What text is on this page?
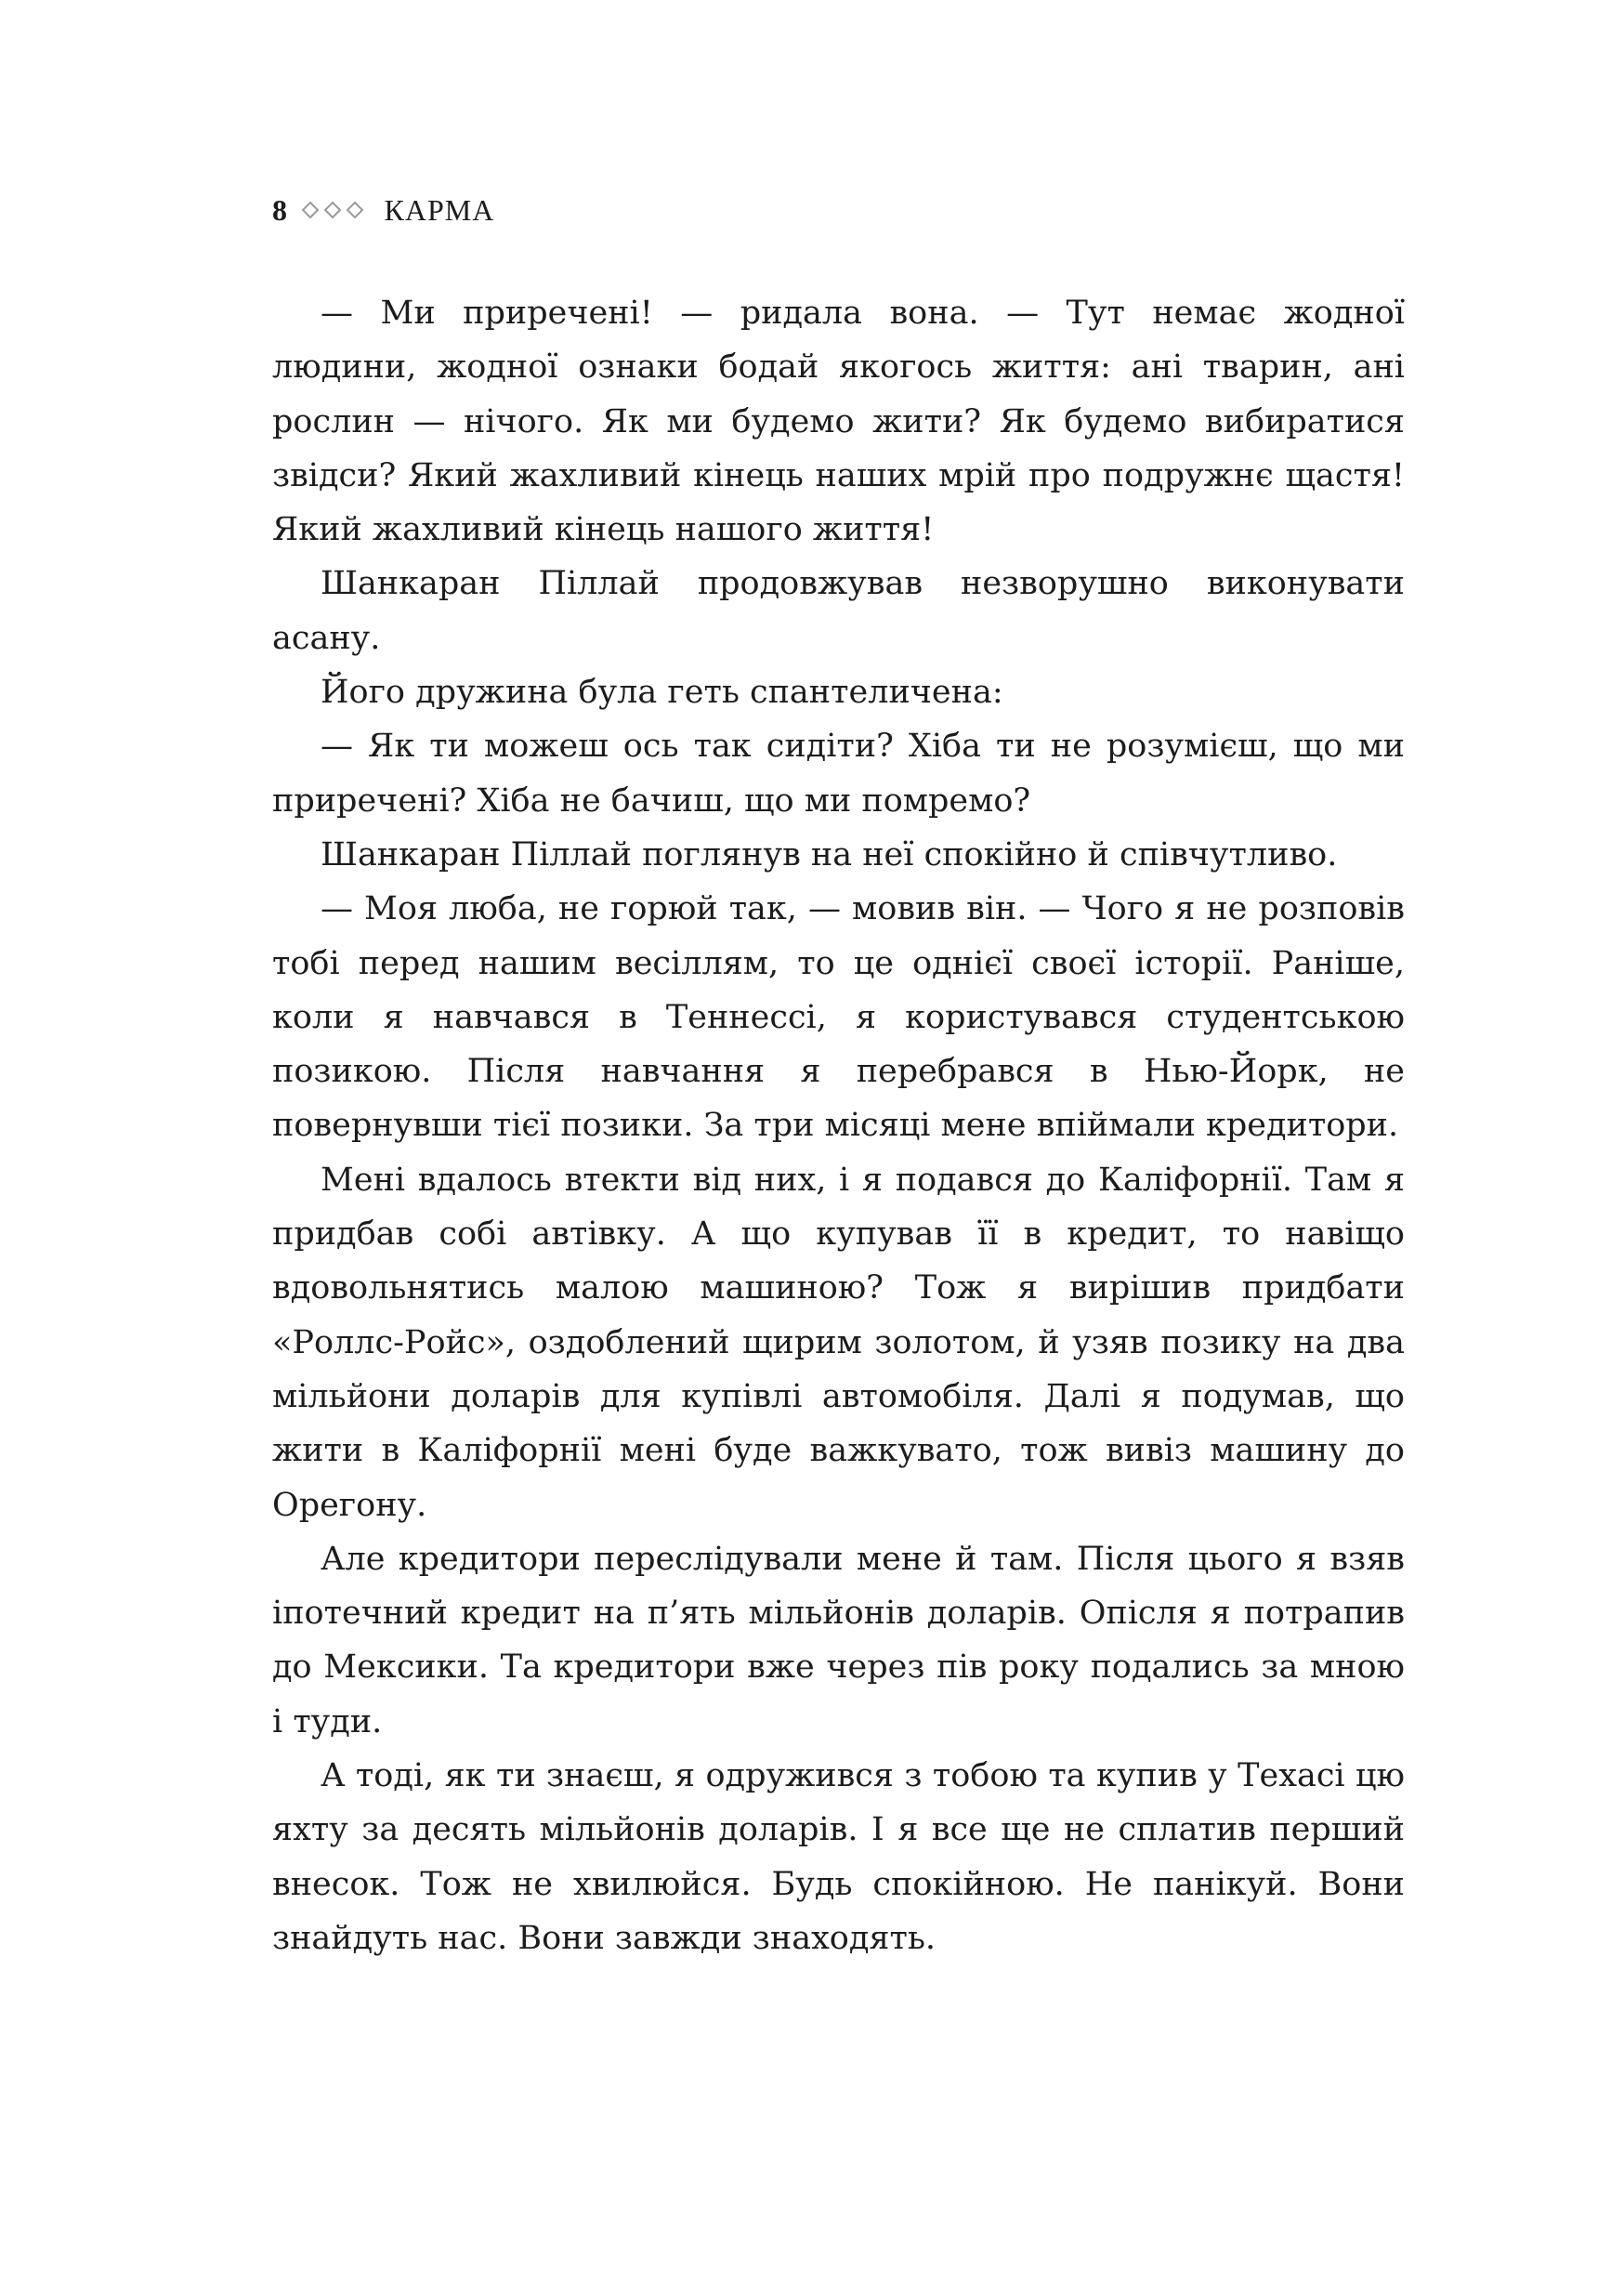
8	КАРМА

— Ми приречені! — ридала вона. — Тут немає жодної людини, жодної ознаки бодай якогось життя: ані тварин, ані рослин — нічого. Як ми будемо жити? Як будемо вибиратися звідси? Який жахливий кінець наших мрій про подружнє щастя! Який жахливий кінець нашого життя!

Шанкаран Піллай продовжував незворушно виконувати асану.

Його дружина була геть спантеличена:

— Як ти можеш ось так сидіти? Хіба ти не розумієш, що ми приречені? Хіба не бачиш, що ми помремо?

Шанкаран Піллай поглянув на неї спокійно й співчутливо.

— Моя люба, не горюй так, — мовив він. — Чого я не розповів тобі перед нашим весіллям, то це однієї своєї історії. Раніше, коли я навчався в Теннессі, я користувався студентською позикою. Після навчання я перебрався в Нью-Йорк, не повернувши тієї позики. За три місяці мене впіймали кредитори.

Мені вдалось втекти від них, і я подався до Каліфорнії. Там я придбав собі автівку. А що купував її в кредит, то навіщо вдовольнятись малою машиною? Тож я вирішив придбати «Роллс-Ройс», оздоблений щирим золотом, й узяв позику на два мільйони доларів для купівлі автомобіля. Далі я подумав, що жити в Каліфорнії мені буде важкувато, тож вивіз машину до Орегону.

Але кредитори переслідували мене й там. Після цього я взяв іпотечний кредит на п’ять мільйонів доларів. Опісля я потрапив до Мексики. Та кредитори вже через пів року подались за мною і туди.

А тоді, як ти знаєш, я одружився з тобою та купив у Техасі цю яхту за десять мільйонів доларів. І я все ще не сплатив перший внесок. Тож не хвилюйся. Будь спокійною. Не панікуй. Вони знайдуть нас. Вони завжди знаходять.
